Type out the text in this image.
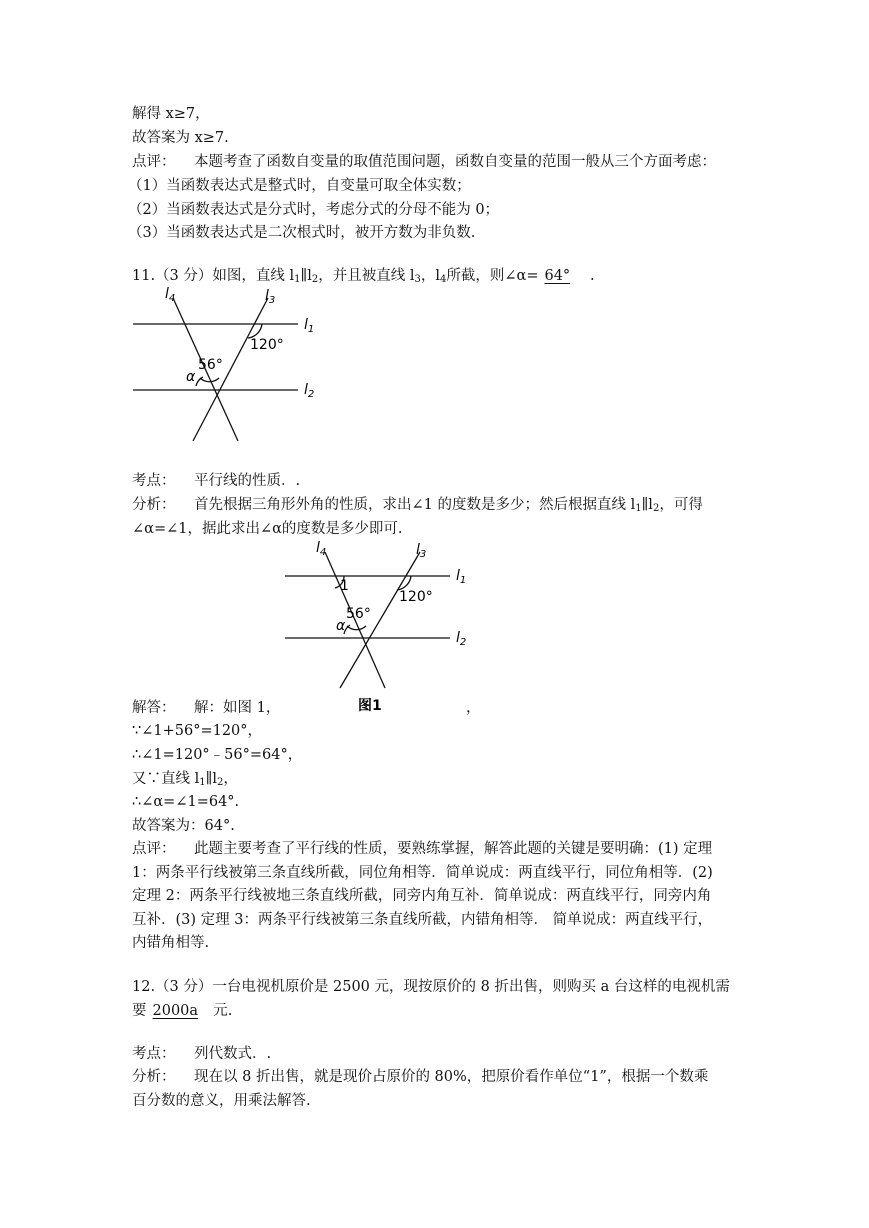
解得 x≥7，
故答案为 x≥7.
点评： 本题考查了函数自变量的取值范围问题，函数自变量的范围一般从三个方面考虑：
（1）当函数表达式是整式时，自变量可取全体实数；
（2）当函数表达式是分式时，考虑分式的分母不能为 0；
（3）当函数表达式是二次根式时，被开方数为非负数.
11.（3 分）如图，直线 $l_1\parallel l_2$，并且被直线 $l_3$，$l_4$所截，则∠α= 64° .
$l_4$	$l_3$
$l_1$
$l_2$
120°
56°
α
考点： 平行线的性质．.
分析： 首先根据三角形外角的性质，求出∠1 的度数是多少；然后根据直线 $l_1\parallel l_2$，可得
∠α=∠1，据此求出∠α的度数是多少即可.
$l_4$	$l_3$
$l_1$
$l_2$
1
120°
56°
α
图1
解答： 解：如图 1，	，
∵∠1+56°=120°，
∴∠1=120°﹣56°=64°，
又∵直线 $l_1\parallel l_2$，
∴∠α=∠1=64°.
故答案为：64°.
点评： 此题主要考查了平行线的性质，要熟练掌握，解答此题的关键是要明确：(1) 定理
1：两条平行线被第三条直线所截，同位角相等．简单说成：两直线平行，同位角相等．(2)
定理 2：两条平行线被地三条直线所截，同旁内角互补．简单说成：两直线平行，同旁内角
互补．(3) 定理 3：两条平行线被第三条直线所截，内错角相等． 简单说成：两直线平行，
内错角相等.
12.（3 分）一台电视机原价是 2500 元，现按原价的 8 折出售，则购买 a 台这样的电视机需
要 2000a 元.
考点： 列代数式．.
分析： 现在以 8 折出售，就是现价占原价的 80%，把原价看作单位“1”，根据一个数乘
百分数的意义，用乘法解答.
